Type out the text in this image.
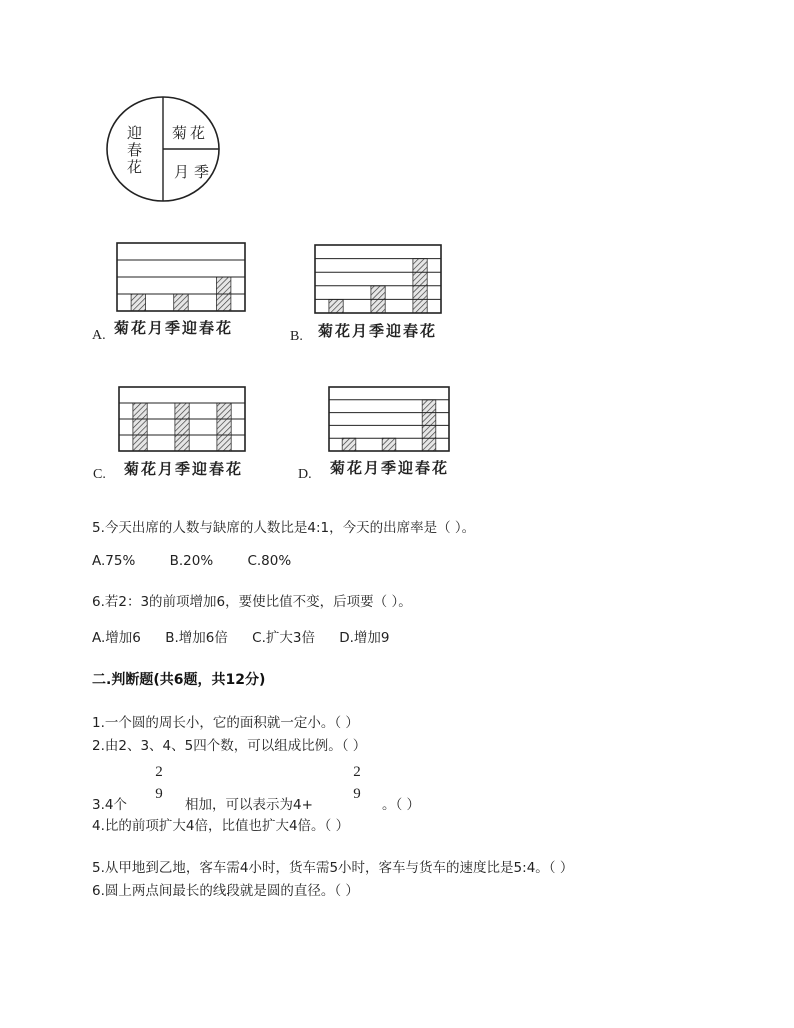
迎春花 菊花
月季
菊花月季迎春花
A.	菊花月季迎春花
B.
菊花月季迎春花
C.	菊花月季迎春花
D.
5.今天出席的人数与缺席的人数比是4:1，今天的出席率是（ ）。
A.75%	B.20%	C.80%
6.若2：3的前项增加6，要使比值不变，后项要（ ）。
A.增加6 B.增加6倍 C.扩大3倍 D.增加9
二.判断题(共6题，共12分)
1.一个圆的周长小，它的面积就一定小。（ ）
2.由2、3、4、5四个数，可以组成比例。（ ）
3.4个
2
9
相加，可以表示为4+
2
9
。（ ）
4.比的前项扩大4倍，比值也扩大4倍。（ ）
5.从甲地到乙地，客车需4小时，货车需5小时，客车与货车的速度比是5:4。（ ）
6.圆上两点间最长的线段就是圆的直径。（ ）
